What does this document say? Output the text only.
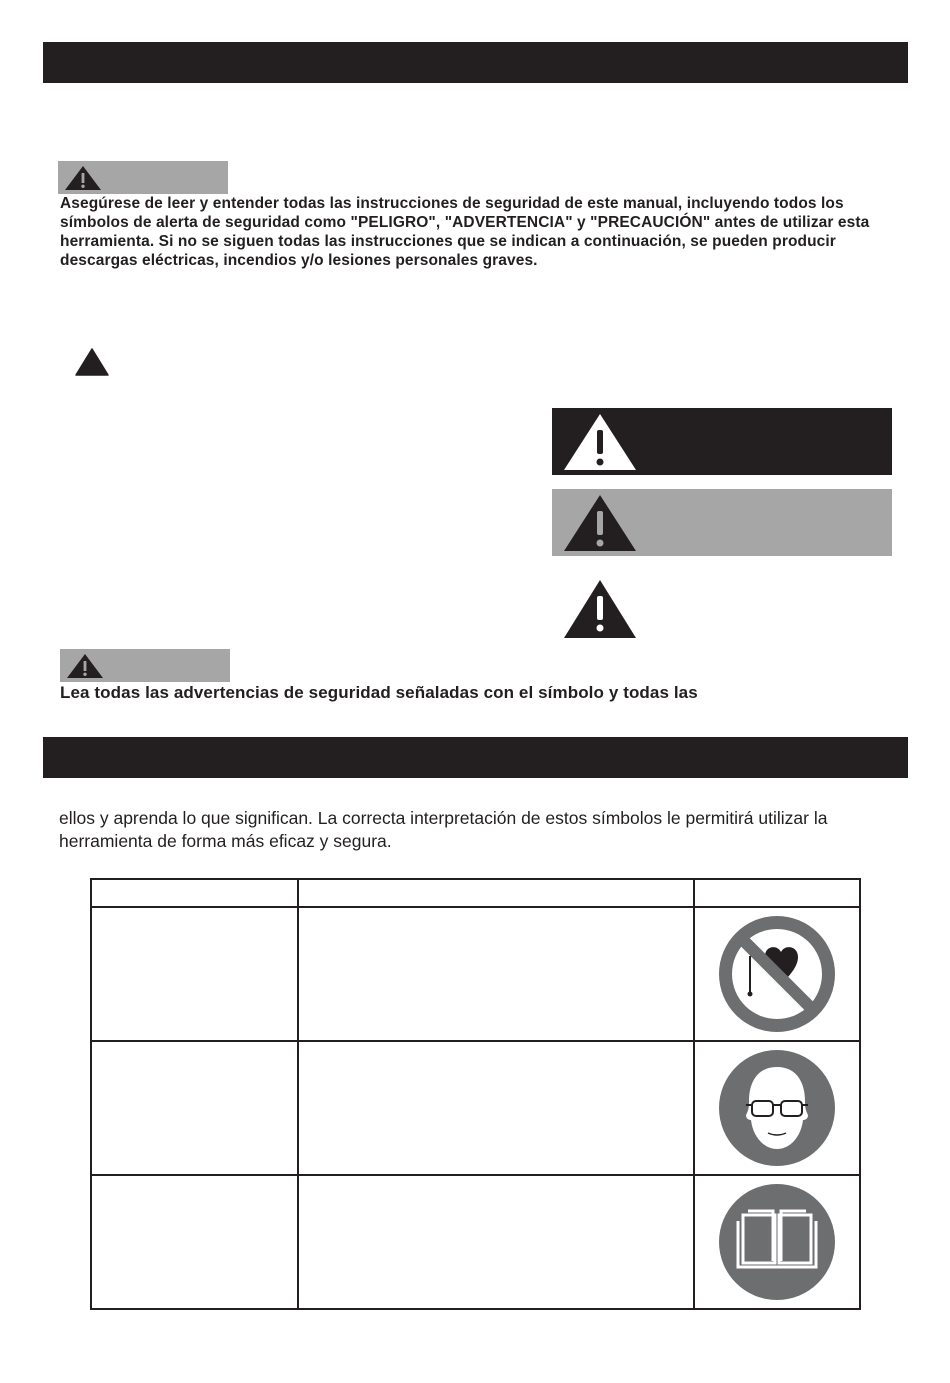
Asegúrese de leer y entender todas las instrucciones de seguridad de este manual, incluyendo todos los símbolos de alerta de seguridad como "PELIGRO", "ADVERTENCIA" y "PRECAUCIÓN" antes de utilizar esta herramienta. Si no se siguen todas las instrucciones que se indican a continuación, se pueden producir descargas eléctricas, incendios y/o lesiones personales graves.
Lea todas las advertencias de seguridad señaladas con el símbolo y todas las
ellos y aprenda lo que significan. La correcta interpretación de estos símbolos le permitirá utilizar la herramienta de forma más eficaz y segura.
